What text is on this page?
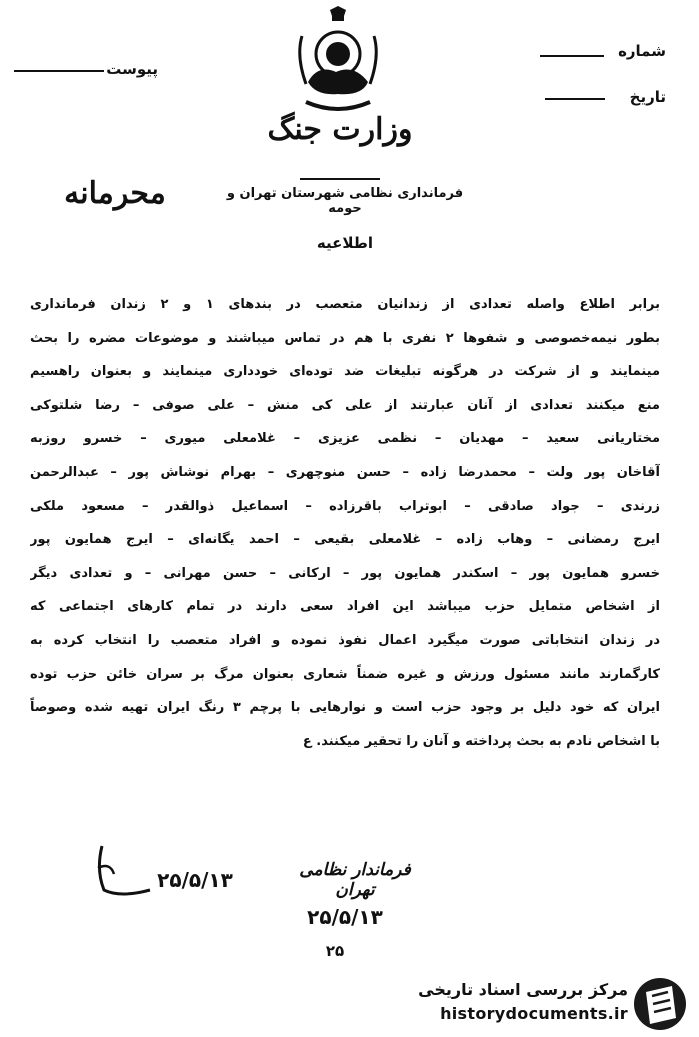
پیوست
شماره
تاریخ
وزارت جنگ
فرمانداری نظامی شهرستان تهران و حومه
محرمانه
اطلاعیه
برابر اطلاع واصله تعدادی از زندانیان متعصب در بندهای ۱ و ۲ زندان فرمانداری
بطور نیمه‌خصوصی و شفوها ۲ نفری با هم در تماس میباشند و موضوعات مضره را بحث
مینمایند و از شرکت در هرگونه تبلیغات ضد توده‌ای خودداری مینمایند و بعنوان راهسیم
منع میکنند تعدادی از آنان عبارتند از علی کی منش – علی صوفی – رضا شلتوکی
مختاریانی سعید – مهدیان – نظمی عزیزی – غلامعلی میوری – خسرو روزبه
آقاخان پور ولت – محمدرضا زاده – حسن منوچهری – بهرام نوشاش پور – عبدالرحمن
زرندی – جواد صادقی – ابوتراب باقرزاده – اسماعیل ذوالقدر – مسعود ملکی
ایرج رمضانی – وهاب زاده – غلامعلی بقیعی – احمد یگانه‌ای – ایرج همایون پور
خسرو همایون پور – اسکندر همایون پور – ارکانی – حسن مهرانی – و تعدادی دیگر
از اشخاص متمایل حزب میباشد این افراد سعی دارند در تمام کارهای اجتماعی که
در زندان انتخاباتی صورت میگیرد اعمال نفوذ نموده و افراد متعصب را انتخاب کرده به
کارگمارند مانند مسئول ورزش و غیره ضمناً شعاری بعنوان مرگ بر سران خائن حزب توده
ایران که خود دلیل بر وجود حزب است و نوارهایی با پرچم ۳ رنگ ایران تهیه شده وصوصاً
با اشخاص نادم به بحث پرداخته و آنان را تحقیر میکنند. ع
۲۵/۵/۱۳	فرماندار نظامی تهران
۲۵/۵/۱۳
۲۵
مرکز بررسی اسناد تاریخی
historydocuments.ir
